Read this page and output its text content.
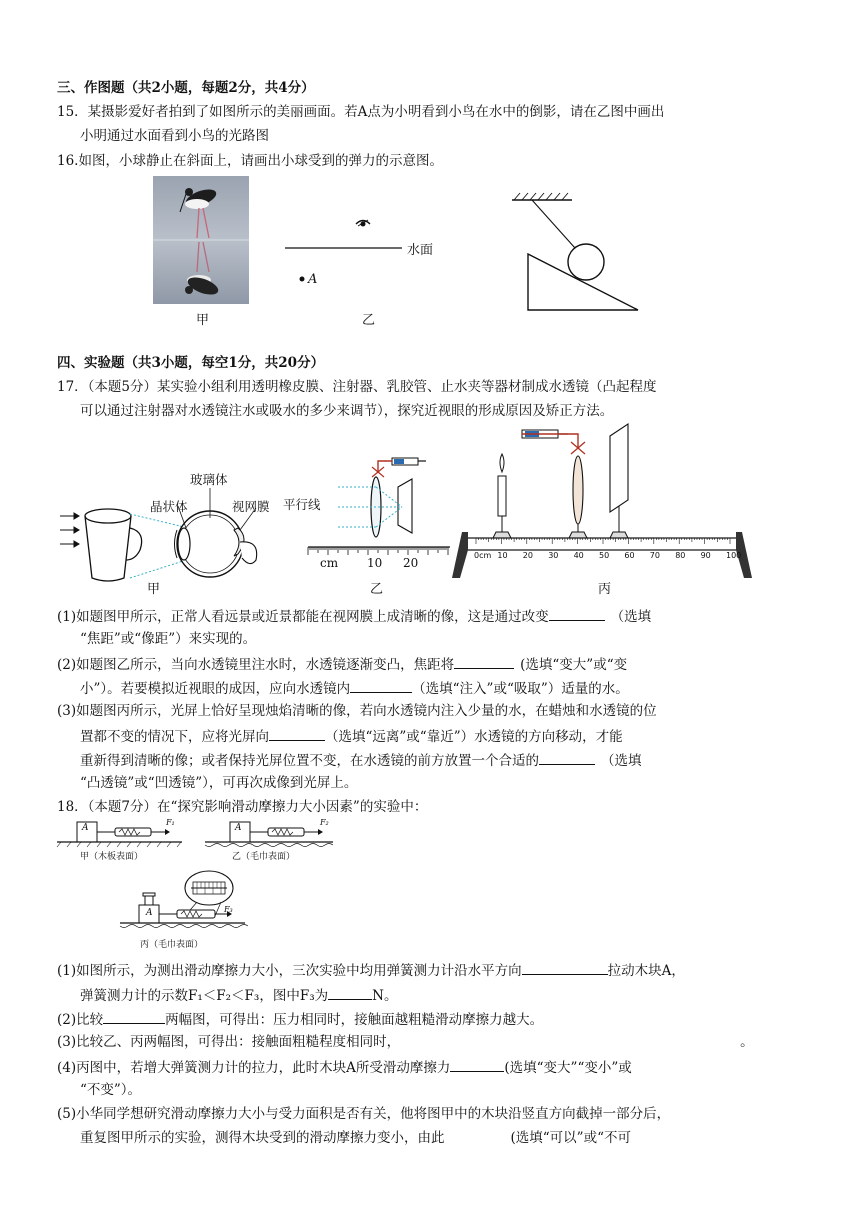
三、作图题（共2小题，每题2分，共4分）
15．某摄影爱好者拍到了如图所示的美丽画面。若A点为小明看到小鸟在水中的倒影，请在乙图中画出
小明通过水面看到小鸟的光路图
16.如图，小球静止在斜面上，请画出小球受到的弹力的示意图。
甲
水面
A
乙
四、实验题（共3小题，每空1分，共20分）
17．（本题5分）某实验小组利用透明橡皮膜、注射器、乳胶管、止水夹等器材制成水透镜（凸起程度
可以通过注射器对水透镜注水或吸水的多少来调节），探究近视眼的形成原因及矫正方法。
玻璃体
晶状体	视网膜
甲
平行线
cm 10 20
乙
0cm 10 20 30 40 50 60 70 80 90 100
丙
(1)如题图甲所示，正常人看远景或近景都能在视网膜上成清晰的像，这是通过改变	（选填
“焦距”或“像距”）来实现的。
(2)如题图乙所示，当向水透镜里注水时，水透镜逐渐变凸，焦距将	(选填“变大”或“变
小”）。若要模拟近视眼的成因，应向水透镜内	（选填“注入”或“吸取”）适量的水。
(3)如题图丙所示，光屏上恰好呈现烛焰清晰的像，若向水透镜内注入少量的水，在蜡烛和水透镜的位
置都不变的情况下，应将光屏向	（选填“远离”或“靠近”）水透镜的方向移动，才能
重新得到清晰的像；或者保持光屏位置不变，在水透镜的前方放置一个合适的	（选填
“凸透镜”或“凹透镜”），可再次成像到光屏上。
18．（本题7分）在“探究影响滑动摩擦力大小因素”的实验中：
A
F₁
甲（木板表面）
A
F₂
乙（毛巾表面）
A	F₃
丙（毛巾表面）
(1)如图所示，为测出滑动摩擦力大小，三次实验中均用弹簧测力计沿水平方向	拉动木块A，
弹簧测力计的示数F₁＜F₂＜F₃，图中F₃为	N。
(2)比较	两幅图，可得出：压力相同时，接触面越粗糙滑动摩擦力越大。
(3)比较乙、丙两幅图，可得出：接触面粗糙程度相同时，	。
(4)丙图中，若增大弹簧测力计的拉力，此时木块A所受滑动摩擦力	(选填“变大”“变小”或
“不变”）。
(5)小华同学想研究滑动摩擦力大小与受力面积是否有关，他将图甲中的木块沿竖直方向截掉一部分后，
重复图甲所示的实验，测得木块受到的滑动摩擦力变小，由此	(选填“可以”或“不可
